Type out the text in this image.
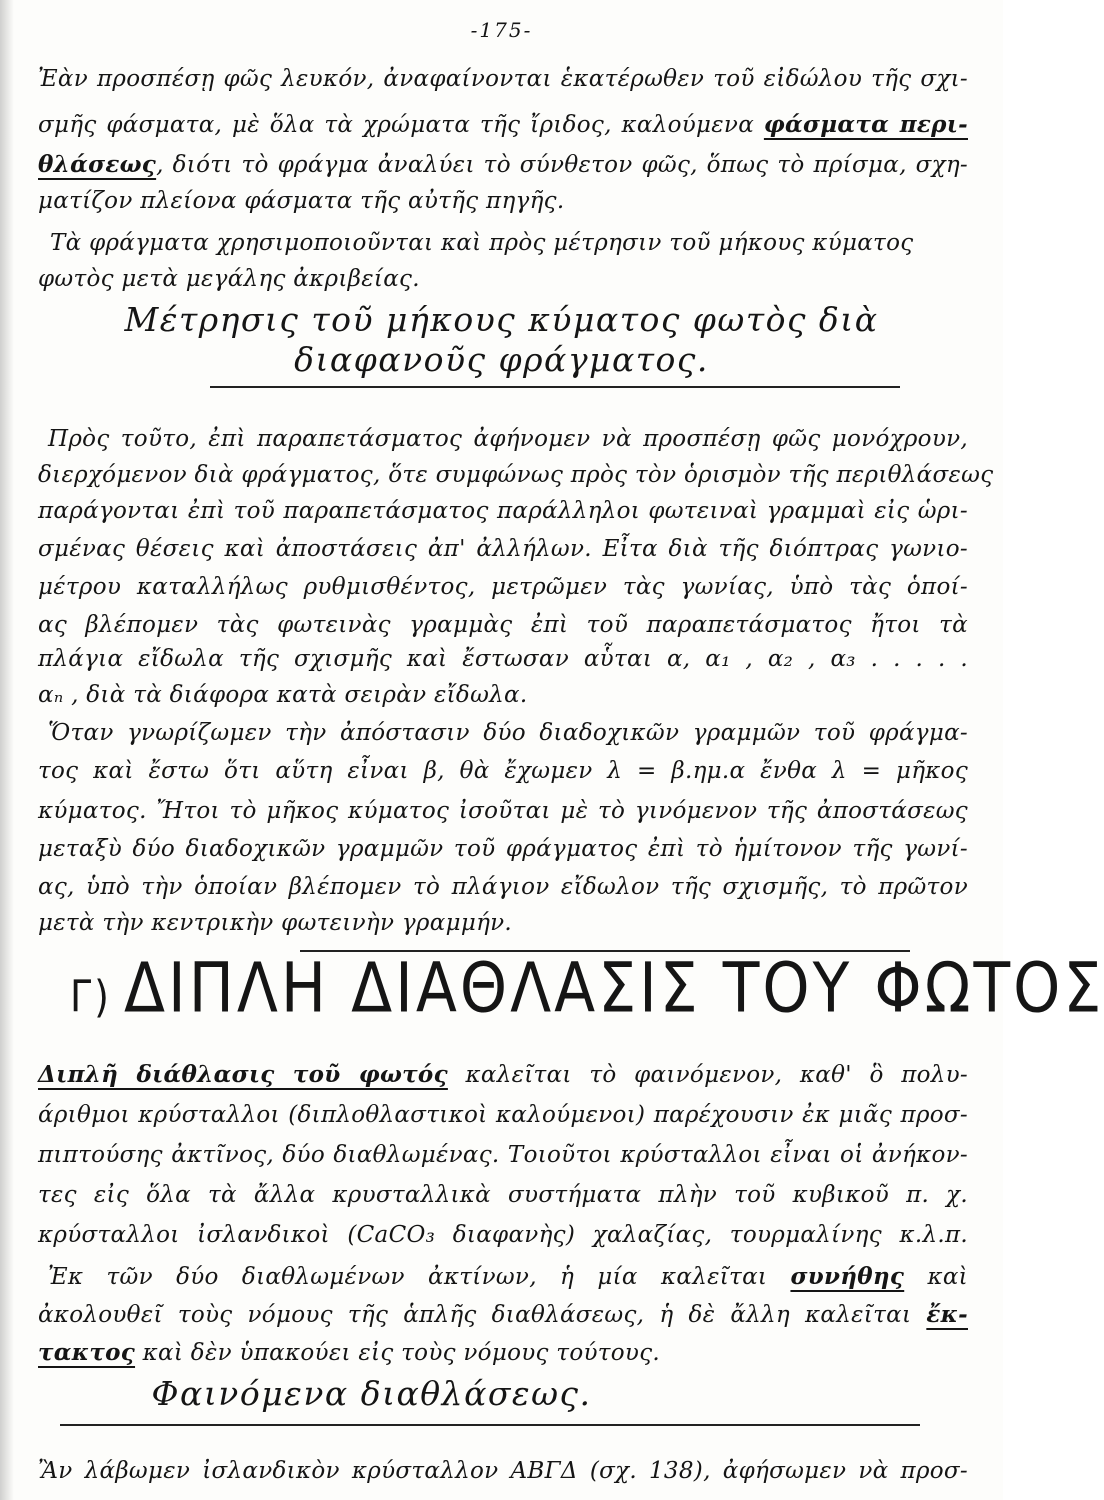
-175-
Ἐὰν προσπέσῃ φῶς λευκόν, ἀναφαίνονται ἑκατέρωθεν τοῦ εἰδώλου τῆς σχι-
σμῆς φάσματα, μὲ ὅλα τὰ χρώματα τῆς ἴριδος, καλούμενα φάσματα περι-
θλάσεως, διότι τὸ φράγμα ἀναλύει τὸ σύνθετον φῶς, ὅπως τὸ πρίσμα, σχη-
ματίζον πλείονα φάσματα τῆς αὐτῆς πηγῆς.
Τὰ φράγματα χρησιμοποιοῦνται καὶ πρὸς μέτρησιν τοῦ μήκους κύματος
φωτὸς μετὰ μεγάλης ἀκριβείας.
Μέτρησις τοῦ μήκους κύματος φωτὸς διὰ
διαφανοῦς φράγματος.
Πρὸς τοῦτο, ἐπὶ παραπετάσματος ἀφήνομεν νὰ προσπέσῃ φῶς μονόχρουν,
διερχόμενον διὰ φράγματος, ὅτε συμφώνως πρὸς τὸν ὁρισμὸν τῆς περιθλάσεως
παράγονται ἐπὶ τοῦ παραπετάσματος παράλληλοι φωτειναὶ γραμμαὶ εἰς ὡρι-
σμένας θέσεις καὶ ἀποστάσεις ἀπ' ἀλλήλων. Εἶτα διὰ τῆς διόπτρας γωνιο-
μέτρου καταλλήλως ρυθμισθέντος, μετρῶμεν τὰς γωνίας, ὑπὸ τὰς ὁποί-
ας βλέπομεν τὰς φωτεινὰς γραμμὰς ἐπὶ τοῦ παραπετάσματος ἤτοι τὰ
πλάγια εἴδωλα τῆς σχισμῆς καὶ ἔστωσαν αὗται α, α₁ , α₂ , α₃ . . . . .
αₙ , διὰ τὰ διάφορα κατὰ σειρὰν εἴδωλα.
Ὅταν γνωρίζωμεν τὴν ἀπόστασιν δύο διαδοχικῶν γραμμῶν τοῦ φράγμα-
τος καὶ ἔστω ὅτι αὕτη εἶναι β, θὰ ἔχωμεν λ = β.ημ.α ἔνθα λ = μῆκος
κύματος. Ἤτοι τὸ μῆκος κύματος ἰσοῦται μὲ τὸ γινόμενον τῆς ἀποστάσεως
μεταξὺ δύο διαδοχικῶν γραμμῶν τοῦ φράγματος ἐπὶ τὸ ἡμίτονον τῆς γωνί-
ας, ὑπὸ τὴν ὁποίαν βλέπομεν τὸ πλάγιον εἴδωλον τῆς σχισμῆς, τὸ πρῶτον
μετὰ τὴν κεντρικὴν φωτεινὴν γραμμήν.
Γ) ΔΙΠΛΗ ΔΙΑΘΛΑΣΙΣ ΤΟΥ ΦΩΤΟΣ
Διπλῆ διάθλασις τοῦ φωτός καλεῖται τὸ φαινόμενον, καθ' ὃ πολυ-
άριθμοι κρύσταλλοι (διπλοθλαστικοὶ καλούμενοι) παρέχουσιν ἐκ μιᾶς προσ-
πιπτούσης ἀκτῖνος, δύο διαθλωμένας. Τοιοῦτοι κρύσταλλοι εἶναι οἱ ἀνήκον-
τες εἰς ὅλα τὰ ἄλλα κρυσταλλικὰ συστήματα πλὴν τοῦ κυβικοῦ π. χ.
κρύσταλλοι ἰσλανδικοὶ (CaCO₃ διαφανὴς) χαλαζίας, τουρμαλίνης κ.λ.π.
Ἐκ τῶν δύο διαθλωμένων ἀκτίνων, ἡ μία καλεῖται συνήθης καὶ
ἀκολουθεῖ τοὺς νόμους τῆς ἁπλῆς διαθλάσεως, ἡ δὲ ἄλλη καλεῖται ἔκ-
τακτος καὶ δὲν ὑπακούει εἰς τοὺς νόμους τούτους.
Φαινόμενα διαθλάσεως.
Ἂν λάβωμεν ἰσλανδικὸν κρύσταλλον ΑΒΓΔ (σχ. 138), ἀφήσωμεν νὰ προσ-
